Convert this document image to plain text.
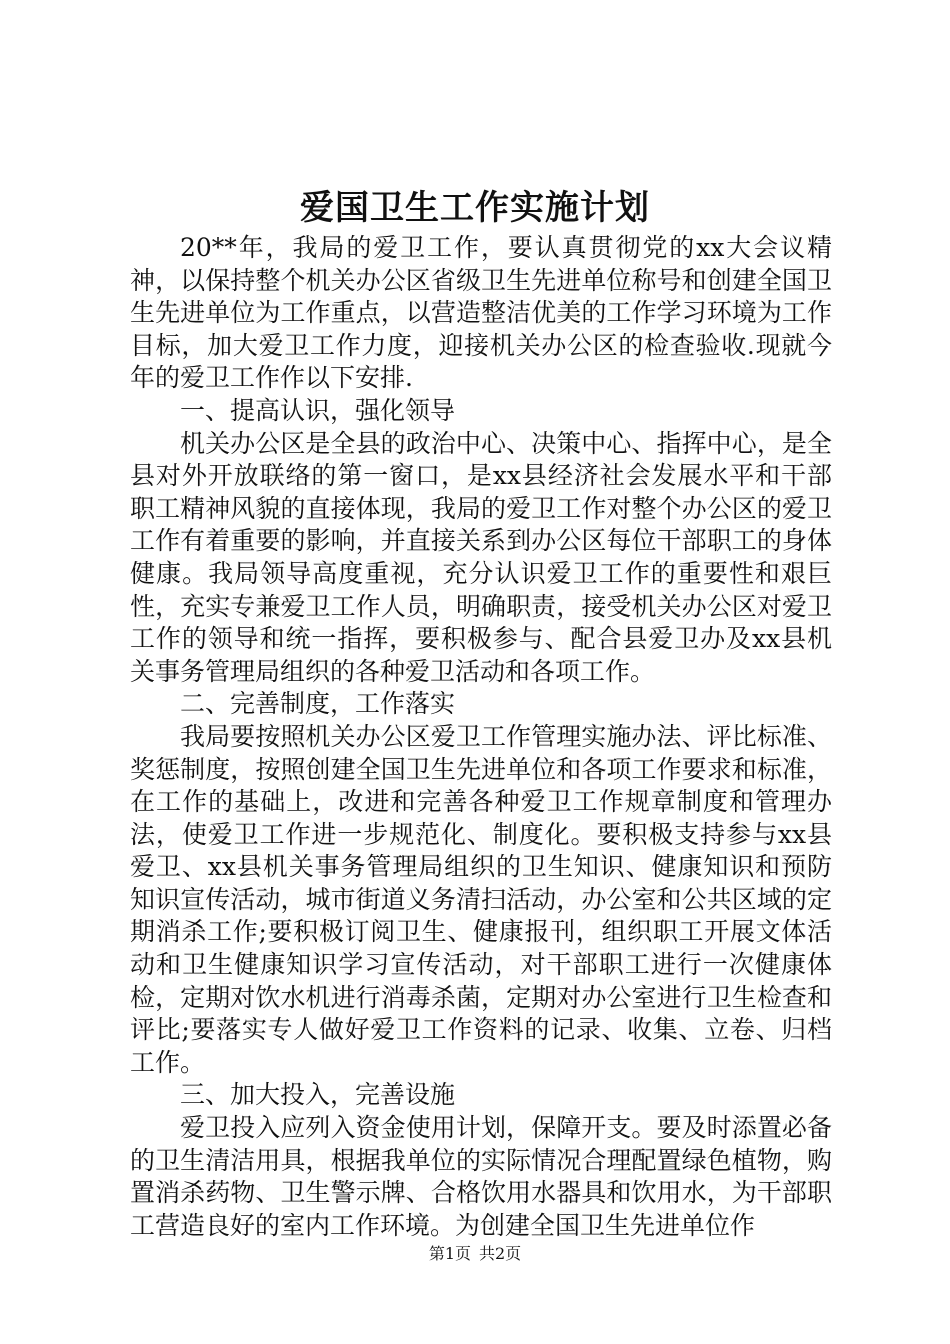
爱国卫生工作实施计划

20**年，我局的爱卫工作，要认真贯彻党的xx大会议精神，以保持整个机关办公区省级卫生先进单位称号和创建全国卫生先进单位为工作重点，以营造整洁优美的工作学习环境为工作目标，加大爱卫工作力度，迎接机关办公区的检查验收.现就今年的爱卫工作作以下安排.

一、提高认识，强化领导

机关办公区是全县的政治中心、决策中心、指挥中心，是全县对外开放联络的第一窗口，是xx县经济社会发展水平和干部职工精神风貌的直接体现，我局的爱卫工作对整个办公区的爱卫工作有着重要的影响，并直接关系到办公区每位干部职工的身体健康。我局领导高度重视，充分认识爱卫工作的重要性和艰巨性，充实专兼爱卫工作人员，明确职责，接受机关办公区对爱卫工作的领导和统一指挥，要积极参与、配合县爱卫办及xx县机关事务管理局组织的各种爱卫活动和各项工作。

二、完善制度，工作落实

我局要按照机关办公区爱卫工作管理实施办法、评比标准、奖惩制度，按照创建全国卫生先进单位和各项工作要求和标准，在工作的基础上，改进和完善各种爱卫工作规章制度和管理办法，使爱卫工作进一步规范化、制度化。要积极支持参与xx县爱卫、xx县机关事务管理局组织的卫生知识、健康知识和预防知识宣传活动，城市街道义务清扫活动，办公室和公共区域的定期消杀工作;要积极订阅卫生、健康报刊，组织职工开展文体活动和卫生健康知识学习宣传活动，对干部职工进行一次健康体检，定期对饮水机进行消毒杀菌，定期对办公室进行卫生检查和评比;要落实专人做好爱卫工作资料的记录、收集、立卷、归档工作。

三、加大投入，完善设施

爱卫投入应列入资金使用计划，保障开支。要及时添置必备的卫生清洁用具，根据我单位的实际情况合理配置绿色植物，购置消杀药物、卫生警示牌、合格饮用水器具和饮用水，为干部职工营造良好的室内工作环境。为创建全国卫生先进单位作

第1页 共2页
